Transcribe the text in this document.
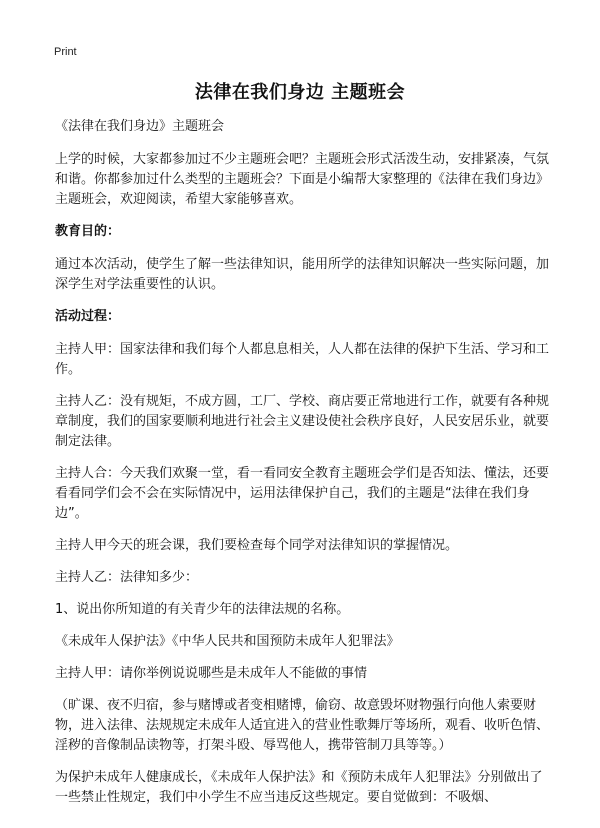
Print
法律在我们身边 主题班会

《法律在我们身边》主题班会

上学的时候，大家都参加过不少主题班会吧？主题班会形式活泼生动，安排紧凑，气氛和谐。你都参加过什么类型的主题班会？下面是小编帮大家整理的《法律在我们身边》主题班会，欢迎阅读，希望大家能够喜欢。

教育目的：

通过本次活动，使学生了解一些法律知识，能用所学的法律知识解决一些实际问题，加深学生对学法重要性的认识。

活动过程：

主持人甲：国家法律和我们每个人都息息相关，人人都在法律的保护下生活、学习和工作。

主持人乙：没有规矩，不成方圆，工厂、学校、商店要正常地进行工作，就要有各种规章制度，我们的国家要顺利地进行社会主义建设使社会秩序良好，人民安居乐业，就要制定法律。

主持人合：今天我们欢聚一堂，看一看同安全教育主题班会学们是否知法、懂法，还要看看同学们会不会在实际情况中，运用法律保护自己，我们的主题是“法律在我们身边”。

主持人甲今天的班会课，我们要检查每个同学对法律知识的掌握情况。

主持人乙：法律知多少：

1、说出你所知道的有关青少年的法律法规的名称。

《未成年人保护法》《中华人民共和国预防未成年人犯罪法》

主持人甲：请你举例说说哪些是未成年人不能做的事情

（旷课、夜不归宿，参与赌博或者变相赌博，偷窃、故意毁坏财物强行向他人索要财物，进入法律、法规规定未成年人适宜进入的营业性歌舞厅等场所，观看、收听色情、淫秽的音像制品读物等，打架斗殴、辱骂他人，携带管制刀具等等。）

为保护未成年人健康成长，《未成年人保护法》和《预防未成年人犯罪法》分别做出了一些禁止性规定，我们中小学生不应当违反这些规定。要自觉做到：不吸烟、
